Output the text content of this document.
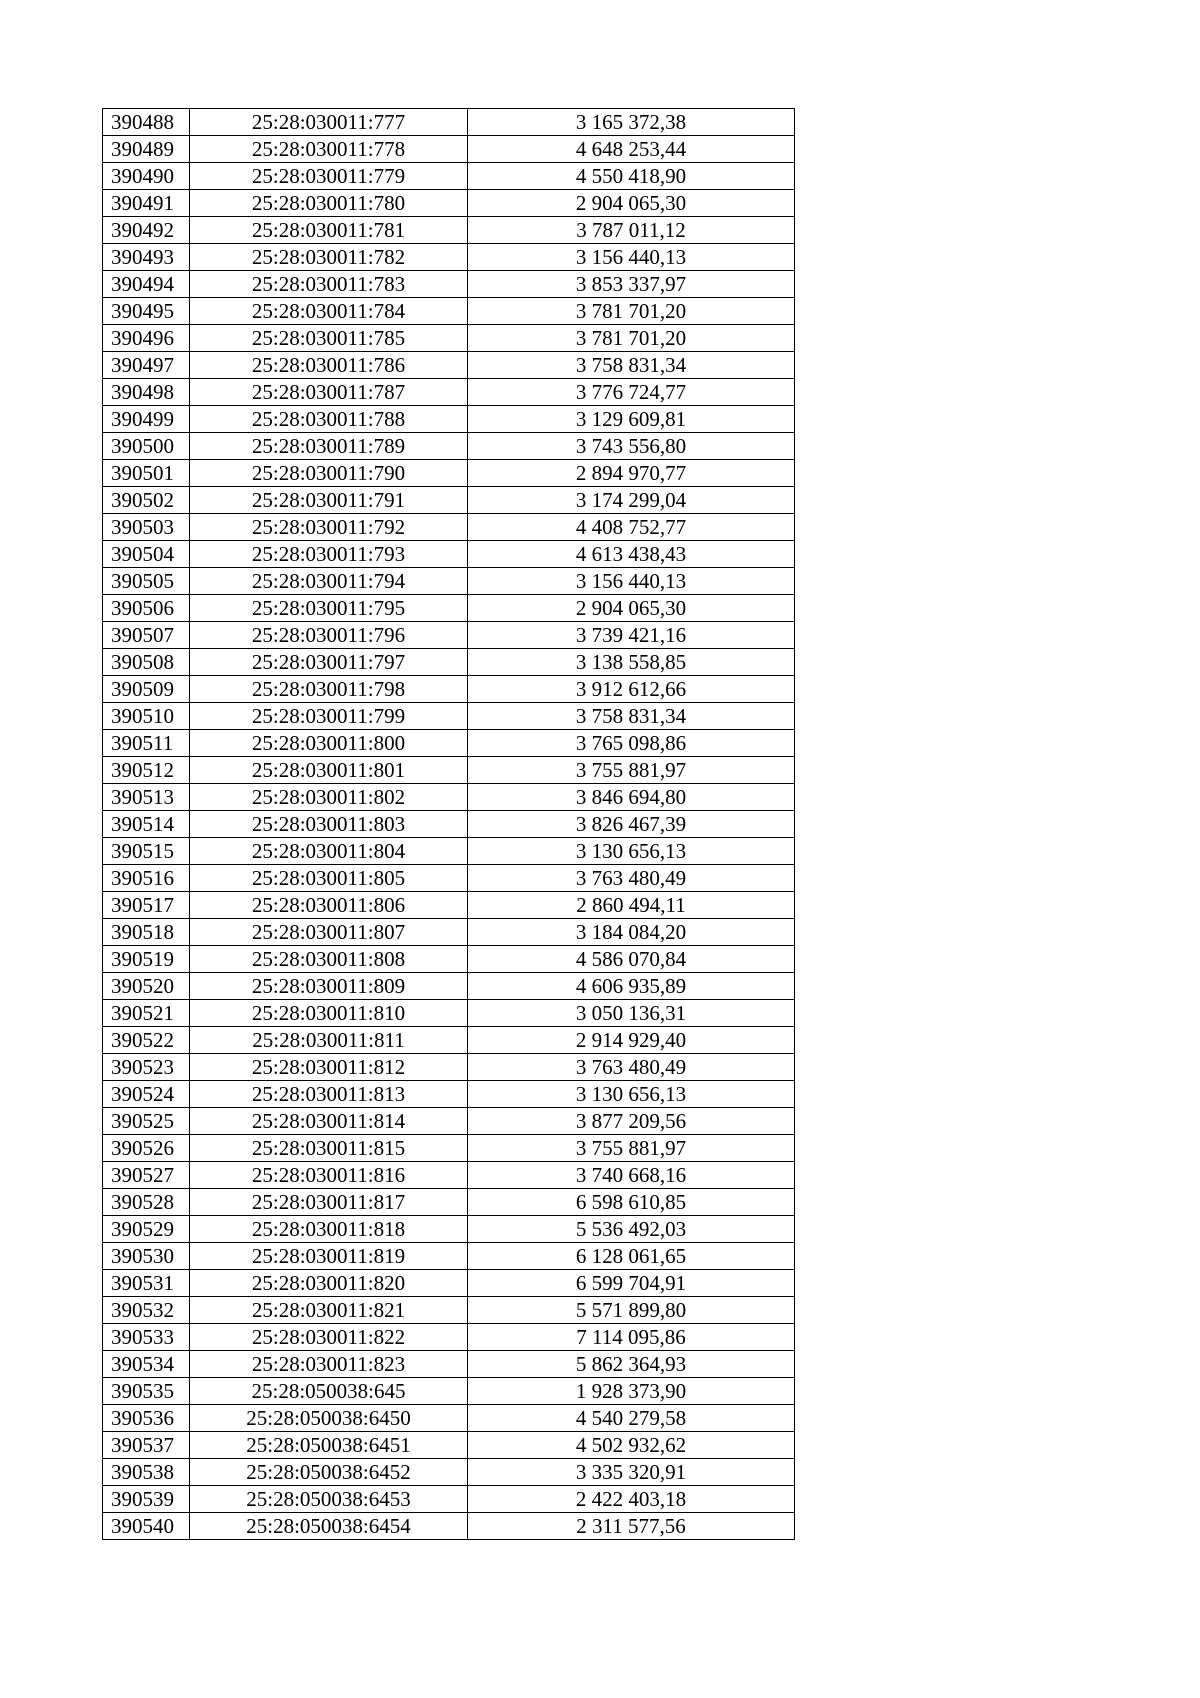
390488	25:28:030011:777	3 165 372,38
390489	25:28:030011:778	4 648 253,44
390490	25:28:030011:779	4 550 418,90
390491	25:28:030011:780	2 904 065,30
390492	25:28:030011:781	3 787 011,12
390493	25:28:030011:782	3 156 440,13
390494	25:28:030011:783	3 853 337,97
390495	25:28:030011:784	3 781 701,20
390496	25:28:030011:785	3 781 701,20
390497	25:28:030011:786	3 758 831,34
390498	25:28:030011:787	3 776 724,77
390499	25:28:030011:788	3 129 609,81
390500	25:28:030011:789	3 743 556,80
390501	25:28:030011:790	2 894 970,77
390502	25:28:030011:791	3 174 299,04
390503	25:28:030011:792	4 408 752,77
390504	25:28:030011:793	4 613 438,43
390505	25:28:030011:794	3 156 440,13
390506	25:28:030011:795	2 904 065,30
390507	25:28:030011:796	3 739 421,16
390508	25:28:030011:797	3 138 558,85
390509	25:28:030011:798	3 912 612,66
390510	25:28:030011:799	3 758 831,34
390511	25:28:030011:800	3 765 098,86
390512	25:28:030011:801	3 755 881,97
390513	25:28:030011:802	3 846 694,80
390514	25:28:030011:803	3 826 467,39
390515	25:28:030011:804	3 130 656,13
390516	25:28:030011:805	3 763 480,49
390517	25:28:030011:806	2 860 494,11
390518	25:28:030011:807	3 184 084,20
390519	25:28:030011:808	4 586 070,84
390520	25:28:030011:809	4 606 935,89
390521	25:28:030011:810	3 050 136,31
390522	25:28:030011:811	2 914 929,40
390523	25:28:030011:812	3 763 480,49
390524	25:28:030011:813	3 130 656,13
390525	25:28:030011:814	3 877 209,56
390526	25:28:030011:815	3 755 881,97
390527	25:28:030011:816	3 740 668,16
390528	25:28:030011:817	6 598 610,85
390529	25:28:030011:818	5 536 492,03
390530	25:28:030011:819	6 128 061,65
390531	25:28:030011:820	6 599 704,91
390532	25:28:030011:821	5 571 899,80
390533	25:28:030011:822	7 114 095,86
390534	25:28:030011:823	5 862 364,93
390535	25:28:050038:645	1 928 373,90
390536	25:28:050038:6450	4 540 279,58
390537	25:28:050038:6451	4 502 932,62
390538	25:28:050038:6452	3 335 320,91
390539	25:28:050038:6453	2 422 403,18
390540	25:28:050038:6454	2 311 577,56
